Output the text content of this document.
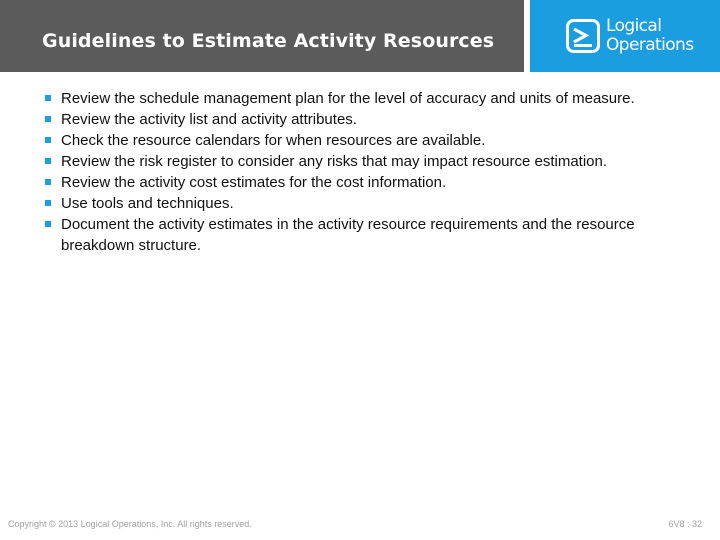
Guidelines to Estimate Activity Resources
Logical
Operations
Review the schedule management plan for the level of accuracy and units of measure.
Review the activity list and activity attributes.
Check the resource calendars for when resources are available.
Review the risk register to consider any risks that may impact resource estimation.
Review the activity cost estimates for the cost information.
Use tools and techniques.
Document the activity estimates in the activity resource requirements and the resource breakdown structure.
Copyright © 2013 Logical Operations, Inc. All rights reserved.	6V8 : 32
